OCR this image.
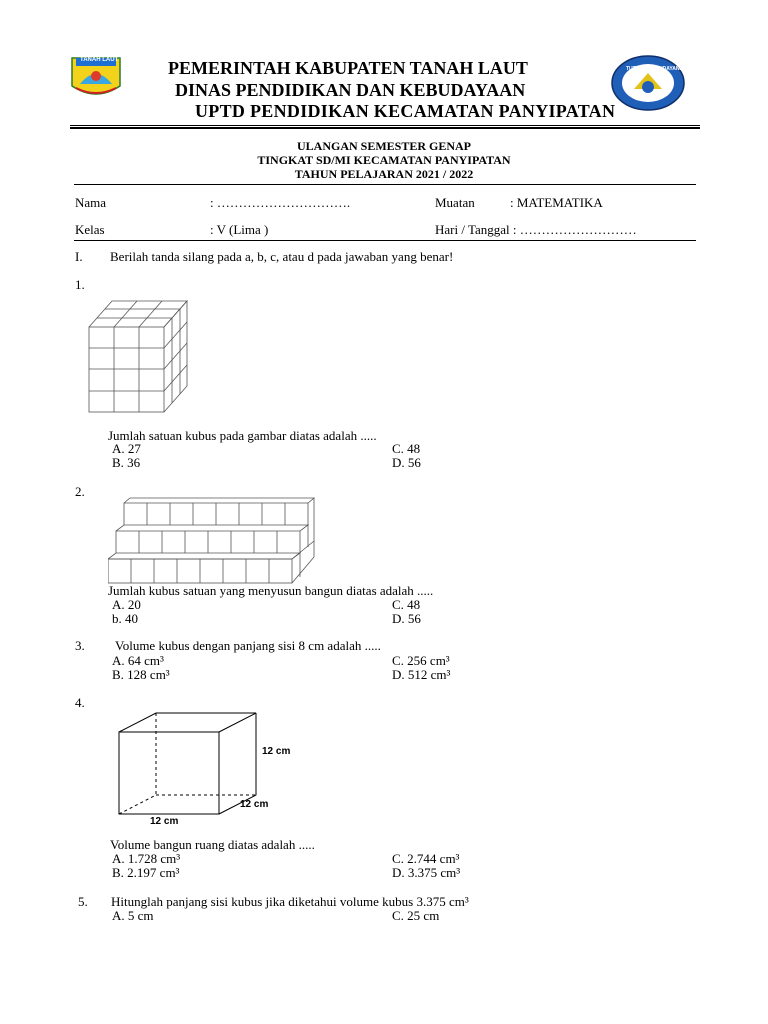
TANAH LAUT
TUT WURI HANDAYANI
PEMERINTAH KABUPATEN TANAH LAUT
DINAS PENDIDIKAN DAN KEBUDAYAAN
UPTD PENDIDIKAN KECAMATAN PANYIPATAN
ULANGAN SEMESTER GENAP
TINGKAT SD/MI KECAMATAN PANYIPATAN
TAHUN PELAJARAN 2021 / 2022
Nama	: ………………………….	Muatan	: MATEMATIKA
Kelas	: V (Lima )	Hari / Tanggal : ………………………
I. Berilah tanda silang pada a, b, c, atau d pada jawaban yang benar!
1.
Jumlah satuan kubus pada gambar diatas adalah .....
A. 27
B. 36
C. 48
D. 56
2.
Jumlah kubus satuan yang menyusun bangun diatas adalah .....
A. 20
b. 40
C. 48
D. 56
3. Volume kubus dengan panjang sisi 8 cm adalah .....
A. 64 cm³
B. 128 cm³
C. 256 cm³
D. 512 cm³
4.
12 cm
12 cm
12 cm
Volume bangun ruang diatas adalah .....
A. 1.728 cm³
B. 2.197 cm³
C. 2.744 cm³
D. 3.375 cm³
5. Hitunglah panjang sisi kubus jika diketahui volume kubus 3.375 cm³
A. 5 cm	C. 25 cm
